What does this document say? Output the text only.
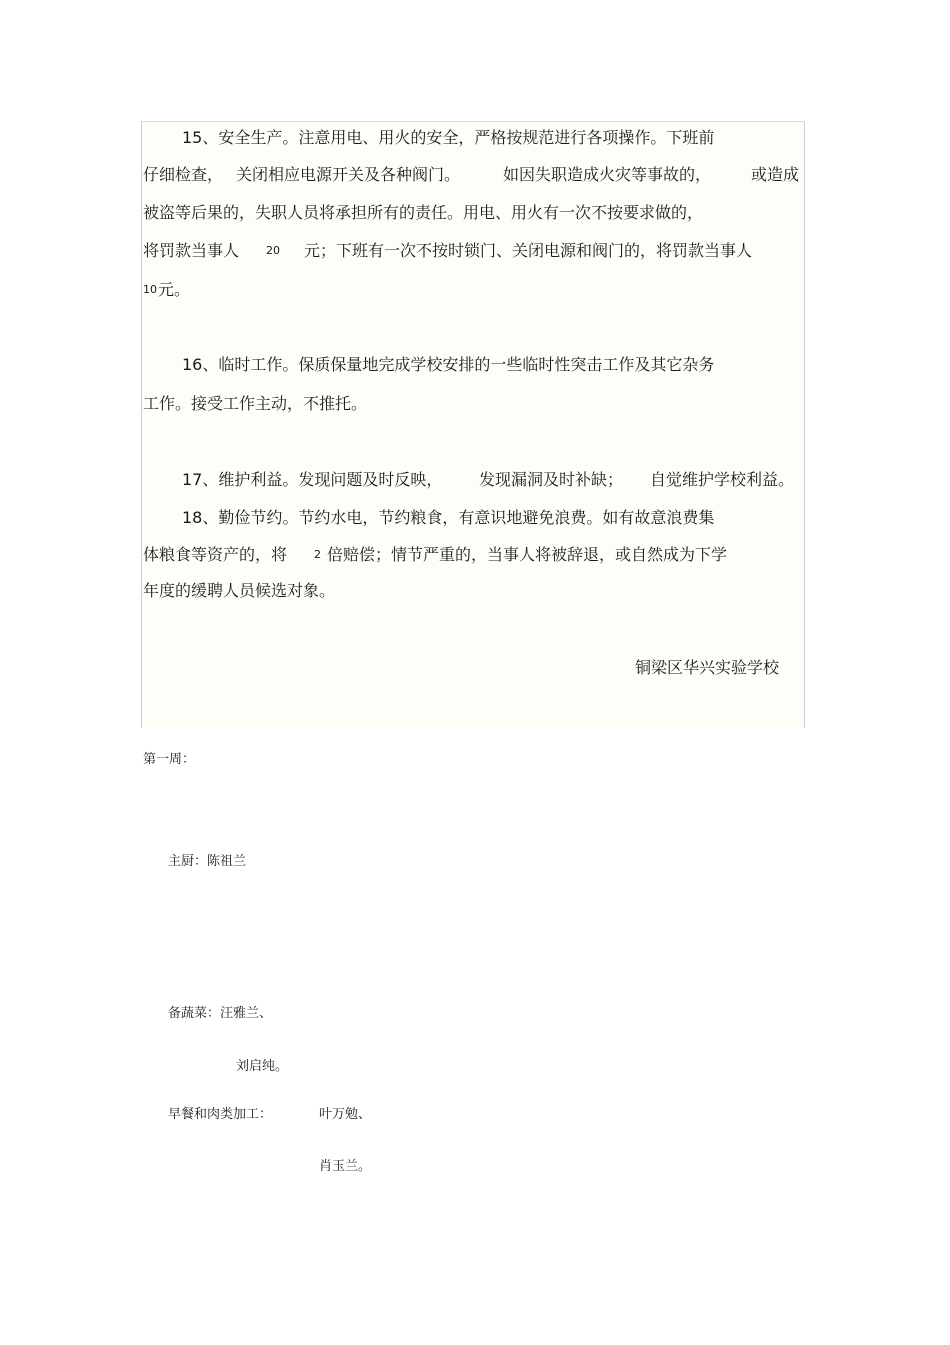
15、安全生产。注意用电、用火的安全，严格按规范进行各项操作。下班前
仔细检查， 关闭相应电源开关及各种阀门。	如因失职造成火灾等事故的， 或造成
被盗等后果的，失职人员将承担所有的责任。用电、用火有一次不按要求做的，
将罚款当事人 20 元；下班有一次不按时锁门、关闭电源和阀门的，将罚款当事人
10 元。
16、临时工作。保质保量地完成学校安排的一些临时性突击工作及其它杂务
工作。接受工作主动，不推托。
17、维护利益。发现问题及时反映， 发现漏洞及时补缺； 自觉维护学校利益。
18、勤俭节约。节约水电，节约粮食，有意识地避免浪费。如有故意浪费集
体粮食等资产的，将 2 倍赔偿；情节严重的，当事人将被辞退，或自然成为下学
年度的缓聘人员候选对象。
铜梁区华兴实验学校
第一周：
主厨：陈祖兰
备蔬菜：汪雅兰、
刘启纯。
早餐和肉类加工：	叶万勉、
肖玉兰。
